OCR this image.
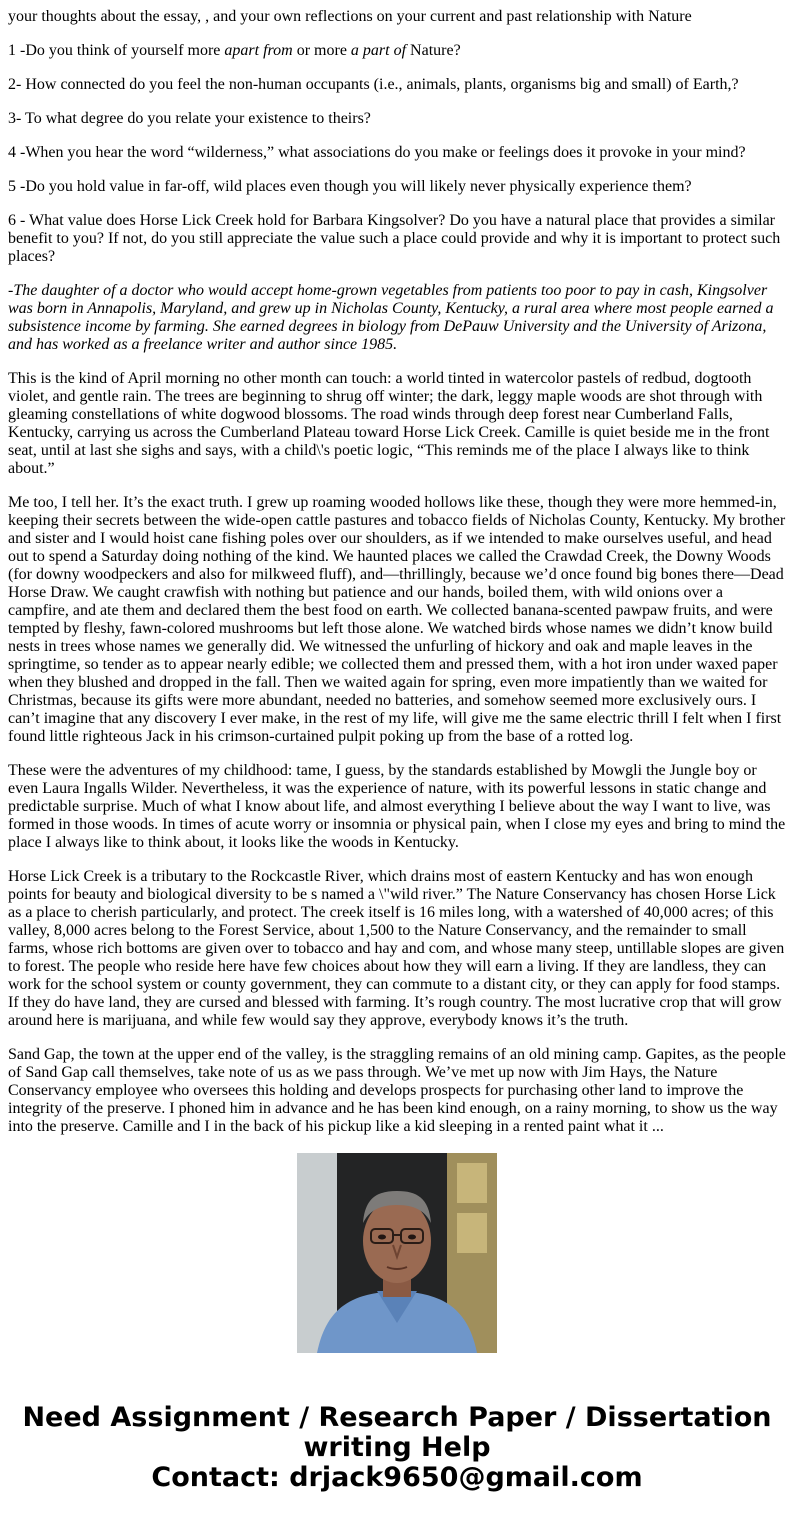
your thoughts about the essay, , and your own reflections on your current and past relationship with Nature

1 -Do you think of yourself more apart from or more a part of Nature?

2- How connected do you feel the non-human occupants (i.e., animals, plants, organisms big and small) of Earth,?

3- To what degree do you relate your existence to theirs?

4 -When you hear the word “wilderness,” what associations do you make or feelings does it provoke in your mind?

5 -Do you hold value in far-off, wild places even though you will likely never physically experience them?

6 - What value does Horse Lick Creek hold for Barbara Kingsolver? Do you have a natural place that provides a similar benefit to you? If not, do you still appreciate the value such a place could provide and why it is important to protect such places?

-The daughter of a doctor who would accept home-grown vegetables from patients too poor to pay in cash, Kingsolver was born in Annapolis, Maryland, and grew up in Nicholas County, Kentucky, a rural area where most people earned a subsistence income by farming. She earned degrees in biology from DePauw University and the University of Arizona, and has worked as a freelance writer and author since 1985.

This is the kind of April morning no other month can touch: a world tinted in watercolor pastels of redbud, dogtooth violet, and gentle rain. The trees are beginning to shrug off winter; the dark, leggy maple woods are shot through with gleaming constellations of white dogwood blossoms. The road winds through deep forest near Cumberland Falls, Kentucky, carrying us across the Cumberland Plateau toward Horse Lick Creek. Camille is quiet beside me in the front seat, until at last she sighs and says, with a child\'s poetic logic, “This reminds me of the place I always like to think about.”

Me too, I tell her. It’s the exact truth. I grew up roaming wooded hollows like these, though they were more hemmed-in, keeping their secrets between the wide-open cattle pastures and tobacco fields of Nicholas County, Kentucky. My brother and sister and I would hoist cane fishing poles over our shoulders, as if we intended to make ourselves useful, and head out to spend a Saturday doing nothing of the kind. We haunted places we called the Crawdad Creek, the Downy Woods (for downy woodpeckers and also for milkweed fluff), and—thrillingly, because we’d once found big bones there—Dead Horse Draw. We caught crawfish with nothing but patience and our hands, boiled them, with wild onions over a campfire, and ate them and declared them the best food on earth. We collected banana-scented pawpaw fruits, and were tempted by fleshy, fawn-colored mushrooms but left those alone. We watched birds whose names we didn’t know build nests in trees whose names we generally did. We witnessed the unfurling of hickory and oak and maple leaves in the springtime, so tender as to appear nearly edible; we collected them and pressed them, with a hot iron under waxed paper when they blushed and dropped in the fall. Then we waited again for spring, even more impatiently than we waited for Christmas, because its gifts were more abundant, needed no batteries, and somehow seemed more exclusively ours. I can’t imagine that any discovery I ever make, in the rest of my life, will give me the same electric thrill I felt when I first found little righteous Jack in his crimson-curtained pulpit poking up from the base of a rotted log.

These were the adventures of my childhood: tame, I guess, by the standards established by Mowgli the Jungle boy or even Laura Ingalls Wilder. Nevertheless, it was the experience of nature, with its powerful lessons in static change and predictable surprise. Much of what I know about life, and almost everything I believe about the way I want to live, was formed in those woods. In times of acute worry or insomnia or physical pain, when I close my eyes and bring to mind the place I always like to think about, it looks like the woods in Kentucky.

Horse Lick Creek is a tributary to the Rockcastle River, which drains most of eastern Kentucky and has won enough points for beauty and biological diversity to be s named a \"wild river.” The Nature Conservancy has chosen Horse Lick as a place to cherish particularly, and protect. The creek itself is 16 miles long, with a watershed of 40,000 acres; of this valley, 8,000 acres belong to the Forest Service, about 1,500 to the Nature Conservancy, and the remainder to small farms, whose rich bottoms are given over to tobacco and hay and com, and whose many steep, untillable slopes are given to forest. The people who reside here have few choices about how they will earn a living. If they are landless, they can work for the school system or county government, they can commute to a distant city, or they can apply for food stamps. If they do have land, they are cursed and blessed with farming. It’s rough country. The most lucrative crop that will grow around here is marijuana, and while few would say they approve, everybody knows it’s the truth.

Sand Gap, the town at the upper end of the valley, is the straggling remains of an old mining camp. Gapites, as the people of Sand Gap call themselves, take note of us as we pass through. We’ve met up now with Jim Hays, the Nature Conservancy employee who oversees this holding and develops prospects for purchasing other land to improve the integrity of the preserve. I phoned him in advance and he has been kind enough, on a rainy morning, to show us the way into the preserve. Camille and I in the back of his pickup like a kid sleeping in a rented paint what it ...

Need Assignment / Research Paper / Dissertation
writing Help
Contact: drjack9650@gmail.com
